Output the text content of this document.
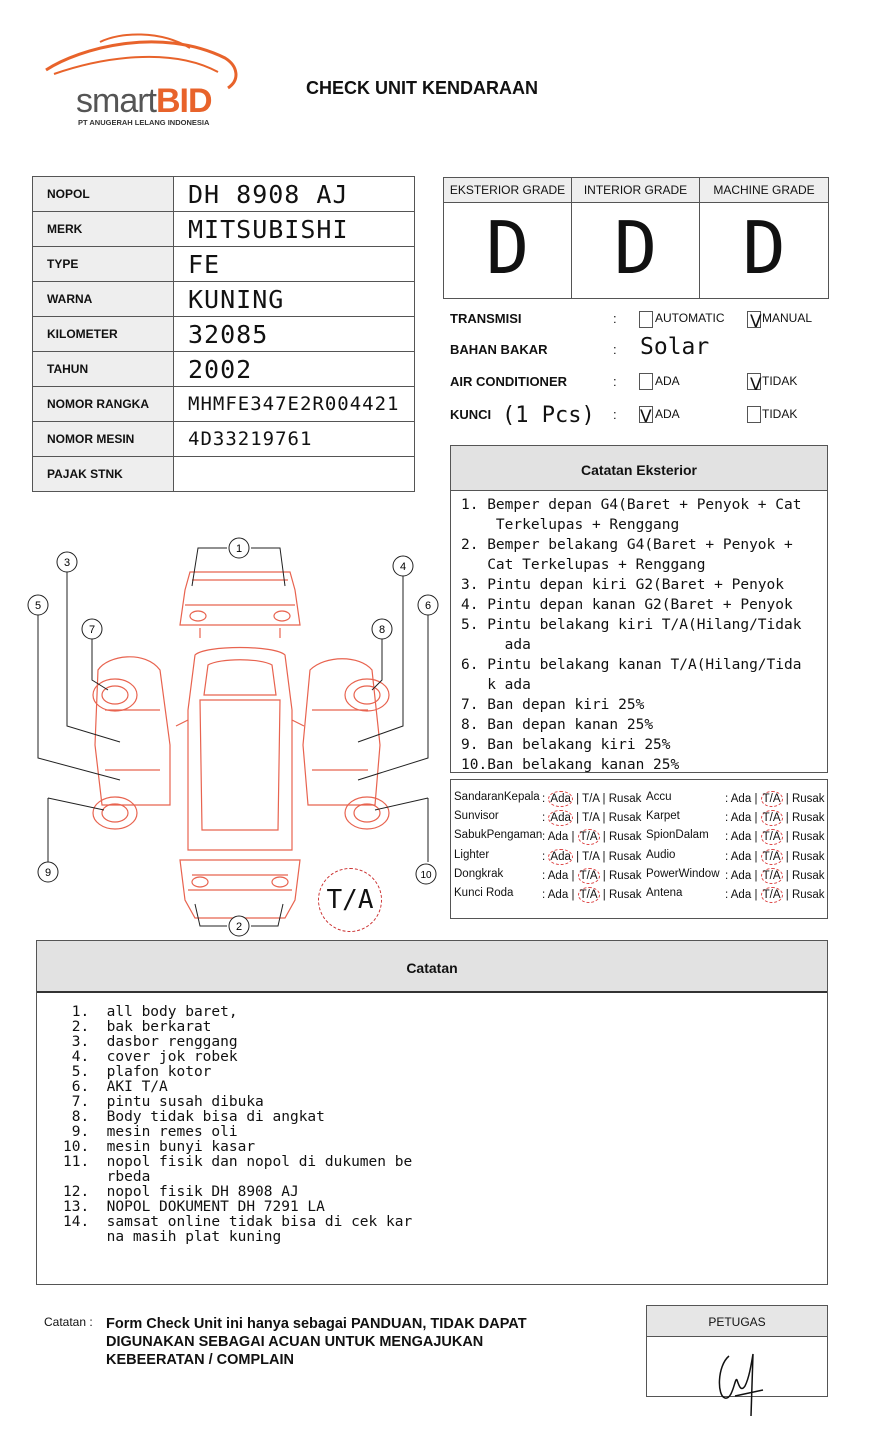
smartBID
PT ANUGERAH LELANG INDONESIA
CHECK UNIT KENDARAAN
NOPOL	DH 8908 AJ
MERK	MITSUBISHI
TYPE	FE
WARNA	KUNING
KILOMETER	32085
TAHUN	2002
NOMOR RANGKA	MHMFE347E2R004421
NOMOR MESIN	4D33219761
PAJAK STNK	
EKSTERIOR GRADE
D
INTERIOR GRADE
D
MACHINE GRADE
D
TRANSMISI	:	AUTOMATIC V MANUAL
BAHAN BAKAR	: Solar
AIR CONDITIONER	:	ADA	V TIDAK
KUNCI (1 Pcs) : V ADA	TIDAK
Catatan Eksterior
1. Bemper depan G4(Baret + Penyok + Cat
Terkelupas + Renggang
2. Bemper belakang G4(Baret + Penyok +
Cat Terkelupas + Renggang
3. Pintu depan kiri G2(Baret + Penyok
4. Pintu depan kanan G2(Baret + Penyok
5. Pintu belakang kiri T/A(Hilang/Tidak
ada
6. Pintu belakang kanan T/A(Hilang/Tida
k ada
7. Ban depan kiri 25%
8. Ban depan kanan 25%
9. Ban belakang kiri 25%
10.Ban belakang kanan 25%
SandaranKepala : Ada | T/A | Rusak
Sunvisor	: Ada | T/A | Rusak
SabukPengaman : Ada | T/A | Rusak
Lighter	: Ada | T/A | Rusak
Dongkrak	: Ada | T/A | Rusak
Kunci Roda : Ada | T/A | Rusak
Accu	: Ada | T/A | Rusak
Karpet	: Ada | T/A | Rusak
SpionDalam : Ada | T/A | Rusak
Audio	: Ada | T/A | Rusak
PowerWindow : Ada | T/A | Rusak
Antena	: Ada | T/A | Rusak
1
2
3	4
5	6
7	8
9	10
T/A
Catatan
1.  all body baret,
2.  bak berkarat
3.  dasbor renggang
4.  cover jok robek
5.  plafon kotor
6.  AKI T/A
7.  pintu susah dibuka
8.  Body tidak bisa di angkat
9.  mesin remes oli
10.  mesin bunyi kasar
11.  nopol fisik dan nopol di dukumen be
rbeda
12.  nopol fisik DH 8908 AJ
13.  NOPOL DOKUMENT DH 7291 LA
14.  samsat online tidak bisa di cek kar
na masih plat kuning
Catatan : Form Check Unit ini hanya sebagai PANDUAN, TIDAK DAPAT DIGUNAKAN SEBAGAI ACUAN UNTUK MENGAJUKAN KEBEERATAN / COMPLAIN
PETUGAS
